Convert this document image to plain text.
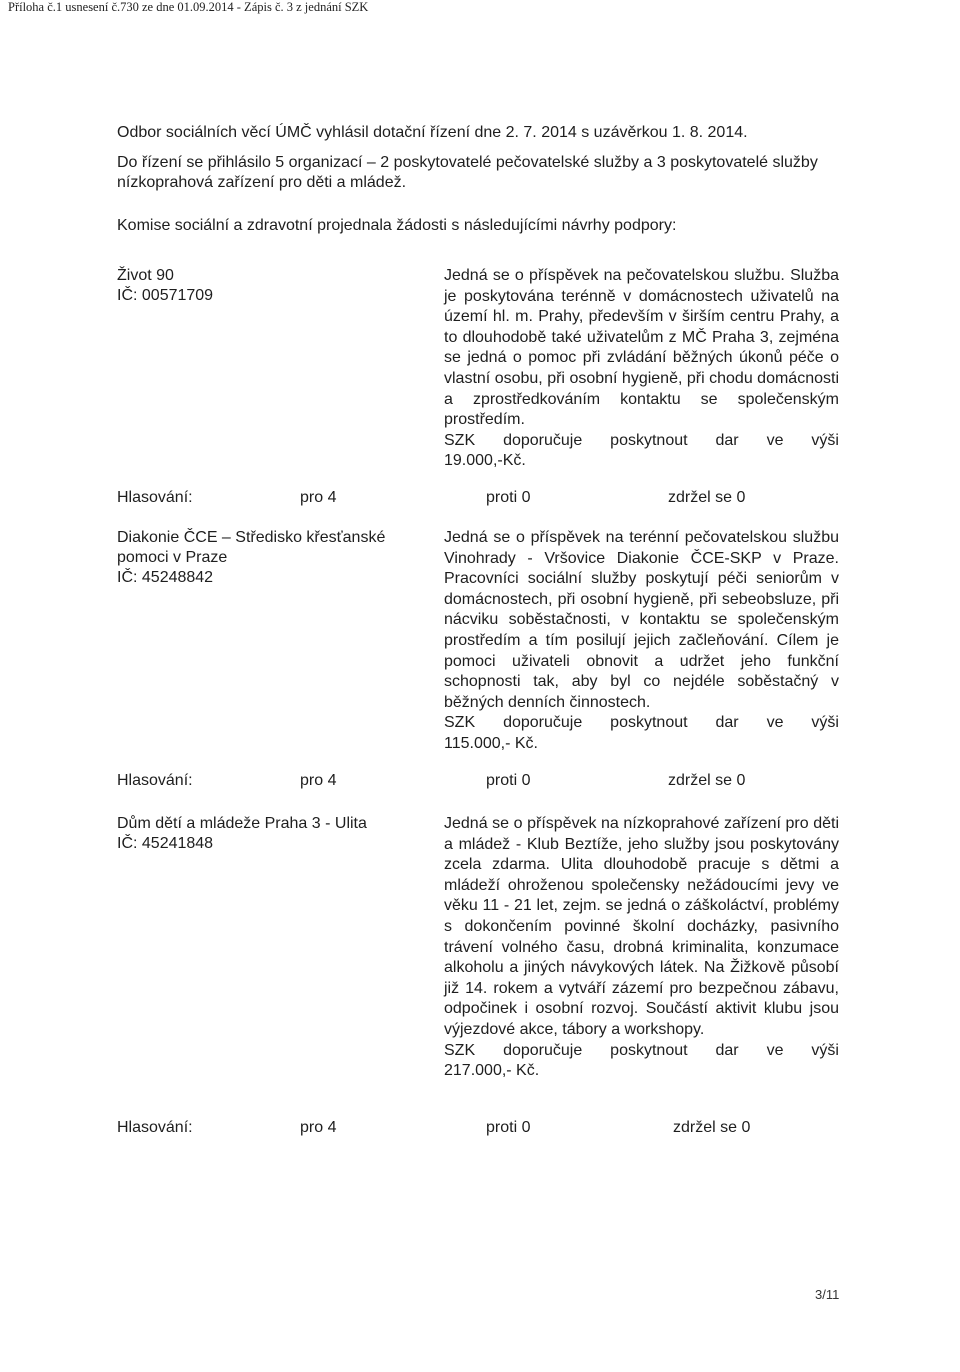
Příloha č.1 usnesení č.730 ze dne 01.09.2014 - Zápis č. 3 z jednání SZK

Odbor sociálních věcí ÚMČ vyhlásil dotační řízení dne 2. 7. 2014 s uzávěrkou 1. 8. 2014.

Do řízení se přihlásilo 5 organizací – 2 poskytovatelé pečovatelské služby a 3 poskytovatelé služby nízkoprahová zařízení pro děti a mládež.

Komise sociální a zdravotní projednala žádosti s následujícími návrhy podpory:

Život 90
IČ: 00571709

Jedná se o příspěvek na pečovatelskou službu. Služba je poskytována terénně v domácnostech uživatelů na území hl. m. Prahy, především v širším centru Prahy, a to dlouhodobě také uživatelům z MČ Praha 3, zejména se jedná o pomoc při zvládání běžných úkonů péče o vlastní osobu, při osobní hygieně, při chodu domácnosti a zprostředkováním kontaktu se společenským prostředím.

SZK doporučuje poskytnout dar ve výši
19.000,-Kč.
Hlasování:	pro 4	proti 0	zdržel se 0
Diakonie ČCE – Středisko křesťanské pomoci v Praze
IČ: 45248842

Jedná se o příspěvek na terénní pečovatelskou službu Vinohrady - Vršovice Diakonie ČCE-SKP v Praze. Pracovníci sociální služby poskytují péči seniorům v domácnostech, při osobní hygieně, při sebeobsluze, při nácviku soběstačnosti, v kontaktu se společenským prostředím a tím posilují jejich začleňování. Cílem je pomoci uživateli obnovit a udržet jeho funkční schopnosti tak, aby byl co nejdéle soběstačný v běžných denních činnostech.

SZK doporučuje poskytnout dar ve výši
115.000,- Kč.
Hlasování:	pro 4	proti 0	zdržel se 0
Dům dětí a mládeže Praha 3 - Ulita
IČ: 45241848

Jedná se o příspěvek na nízkoprahové zařízení pro děti a mládež - Klub Beztíže, jeho služby jsou poskytovány zcela zdarma. Ulita dlouhodobě pracuje s dětmi a mládeží ohroženou společensky nežádoucími jevy ve věku 11 - 21 let, zejm. se jedná o záškoláctví, problémy s dokončením povinné školní docházky, pasivního trávení volného času, drobná kriminalita, konzumace alkoholu a jiných návykových látek. Na Žižkově působí již 14. rokem a vytváří zázemí pro bezpečnou zábavu, odpočinek i osobní rozvoj. Součástí aktivit klubu jsou výjezdové akce, tábory a workshopy.

SZK doporučuje poskytnout dar ve výši
217.000,- Kč.
Hlasování:	pro 4	proti 0	zdržel se 0
3/11
